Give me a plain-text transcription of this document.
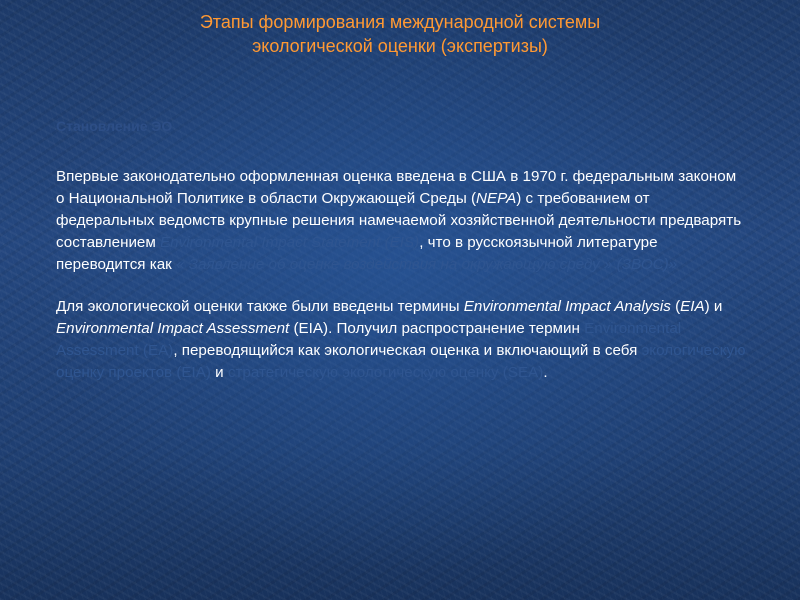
Этапы формирования международной системы
экологической оценки (экспертизы)
Становление ЭО

Впервые законодательно оформленная оценка введена в США в 1970 г. федеральным законом о Национальной Политике в области Окружающей Среды (NEPA) с требованием от федеральных ведомств крупные решения намечаемой хозяйственной деятельности предварять составлением Environmental Impact Statement (EIS), что в русскоязычной литературе переводится как « Заявление об оценке воздействия на окружающую среду » (ЗВОС)»

Для экологической оценки также были введены термины Environmental Impact Analysis (EIA) и Environmental Impact Assessment (EIA). Получил распространение термин Environmental Assessment (EA), переводящийся как экологическая оценка и включающий в себя экологическую оценку проектов (EIA) и стратегическую экологическую оценку (SEA).
